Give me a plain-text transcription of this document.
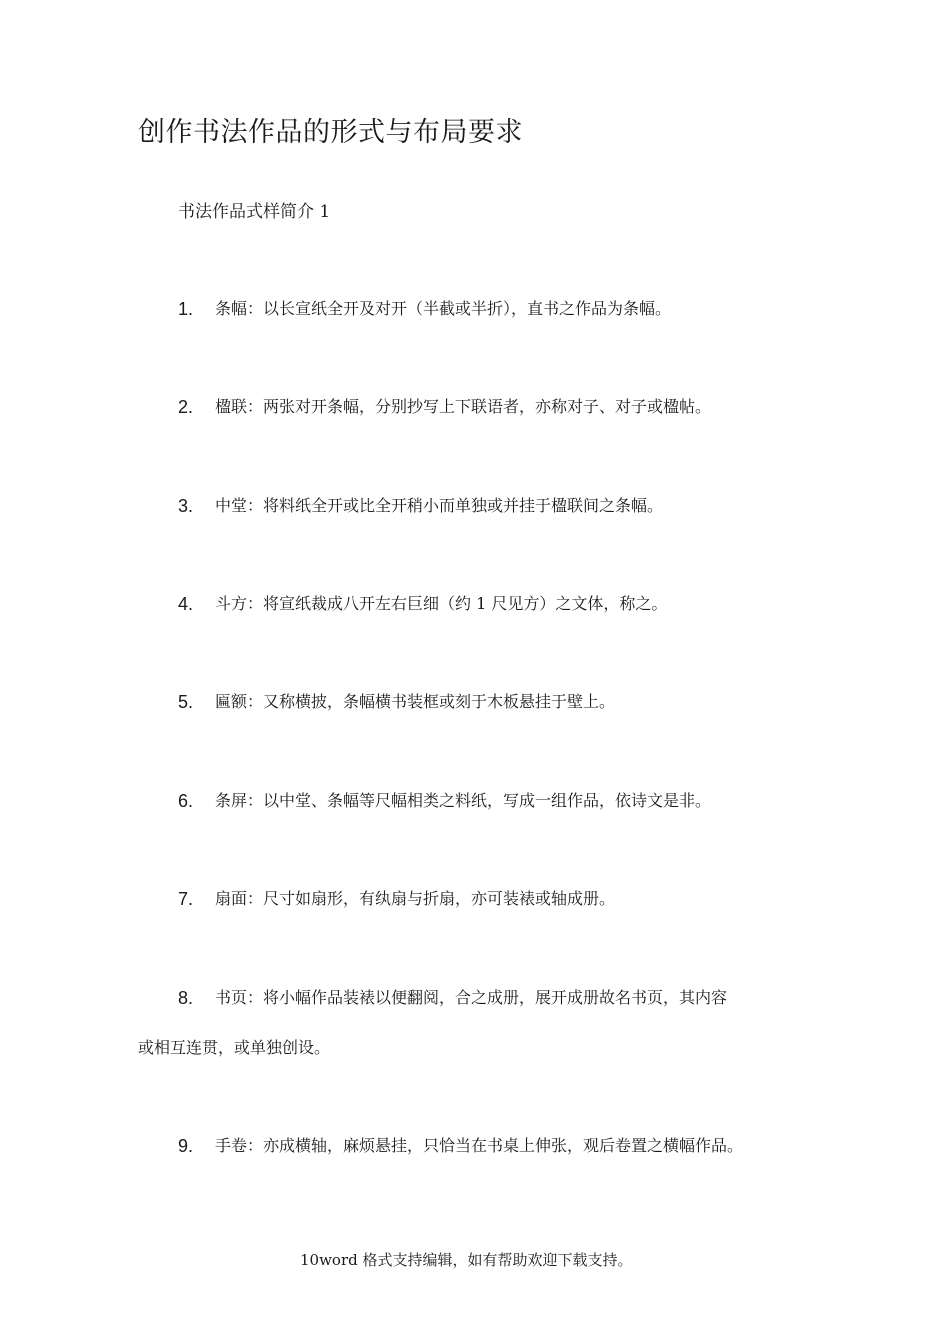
创作书法作品的形式与布局要求
书法作品式样简介 1
1. 条幅：以长宣纸全开及对开（半截或半折），直书之作品为条幅。
2. 楹联：两张对开条幅，分别抄写上下联语者，亦称对子、对子或楹帖。
3. 中堂：将料纸全开或比全开稍小而单独或并挂于楹联间之条幅。
4. 斗方：将宣纸裁成八开左右巨细（约 1 尺见方）之文体，称之。
5. 匾额：又称横披，条幅横书装框或刻于木板悬挂于壁上。
6. 条屏：以中堂、条幅等尺幅相类之料纸，写成一组作品，依诗文是非。
7. 扇面：尺寸如扇形，有纨扇与折扇，亦可装裱或轴成册。
8. 书页：将小幅作品装裱以便翻阅，合之成册，展开成册故名书页，其内容
或相互连贯，或单独创设。
9. 手卷：亦成横轴，麻烦悬挂，只恰当在书桌上伸张，观后卷置之横幅作品。
10word 格式支持编辑，如有帮助欢迎下载支持。
